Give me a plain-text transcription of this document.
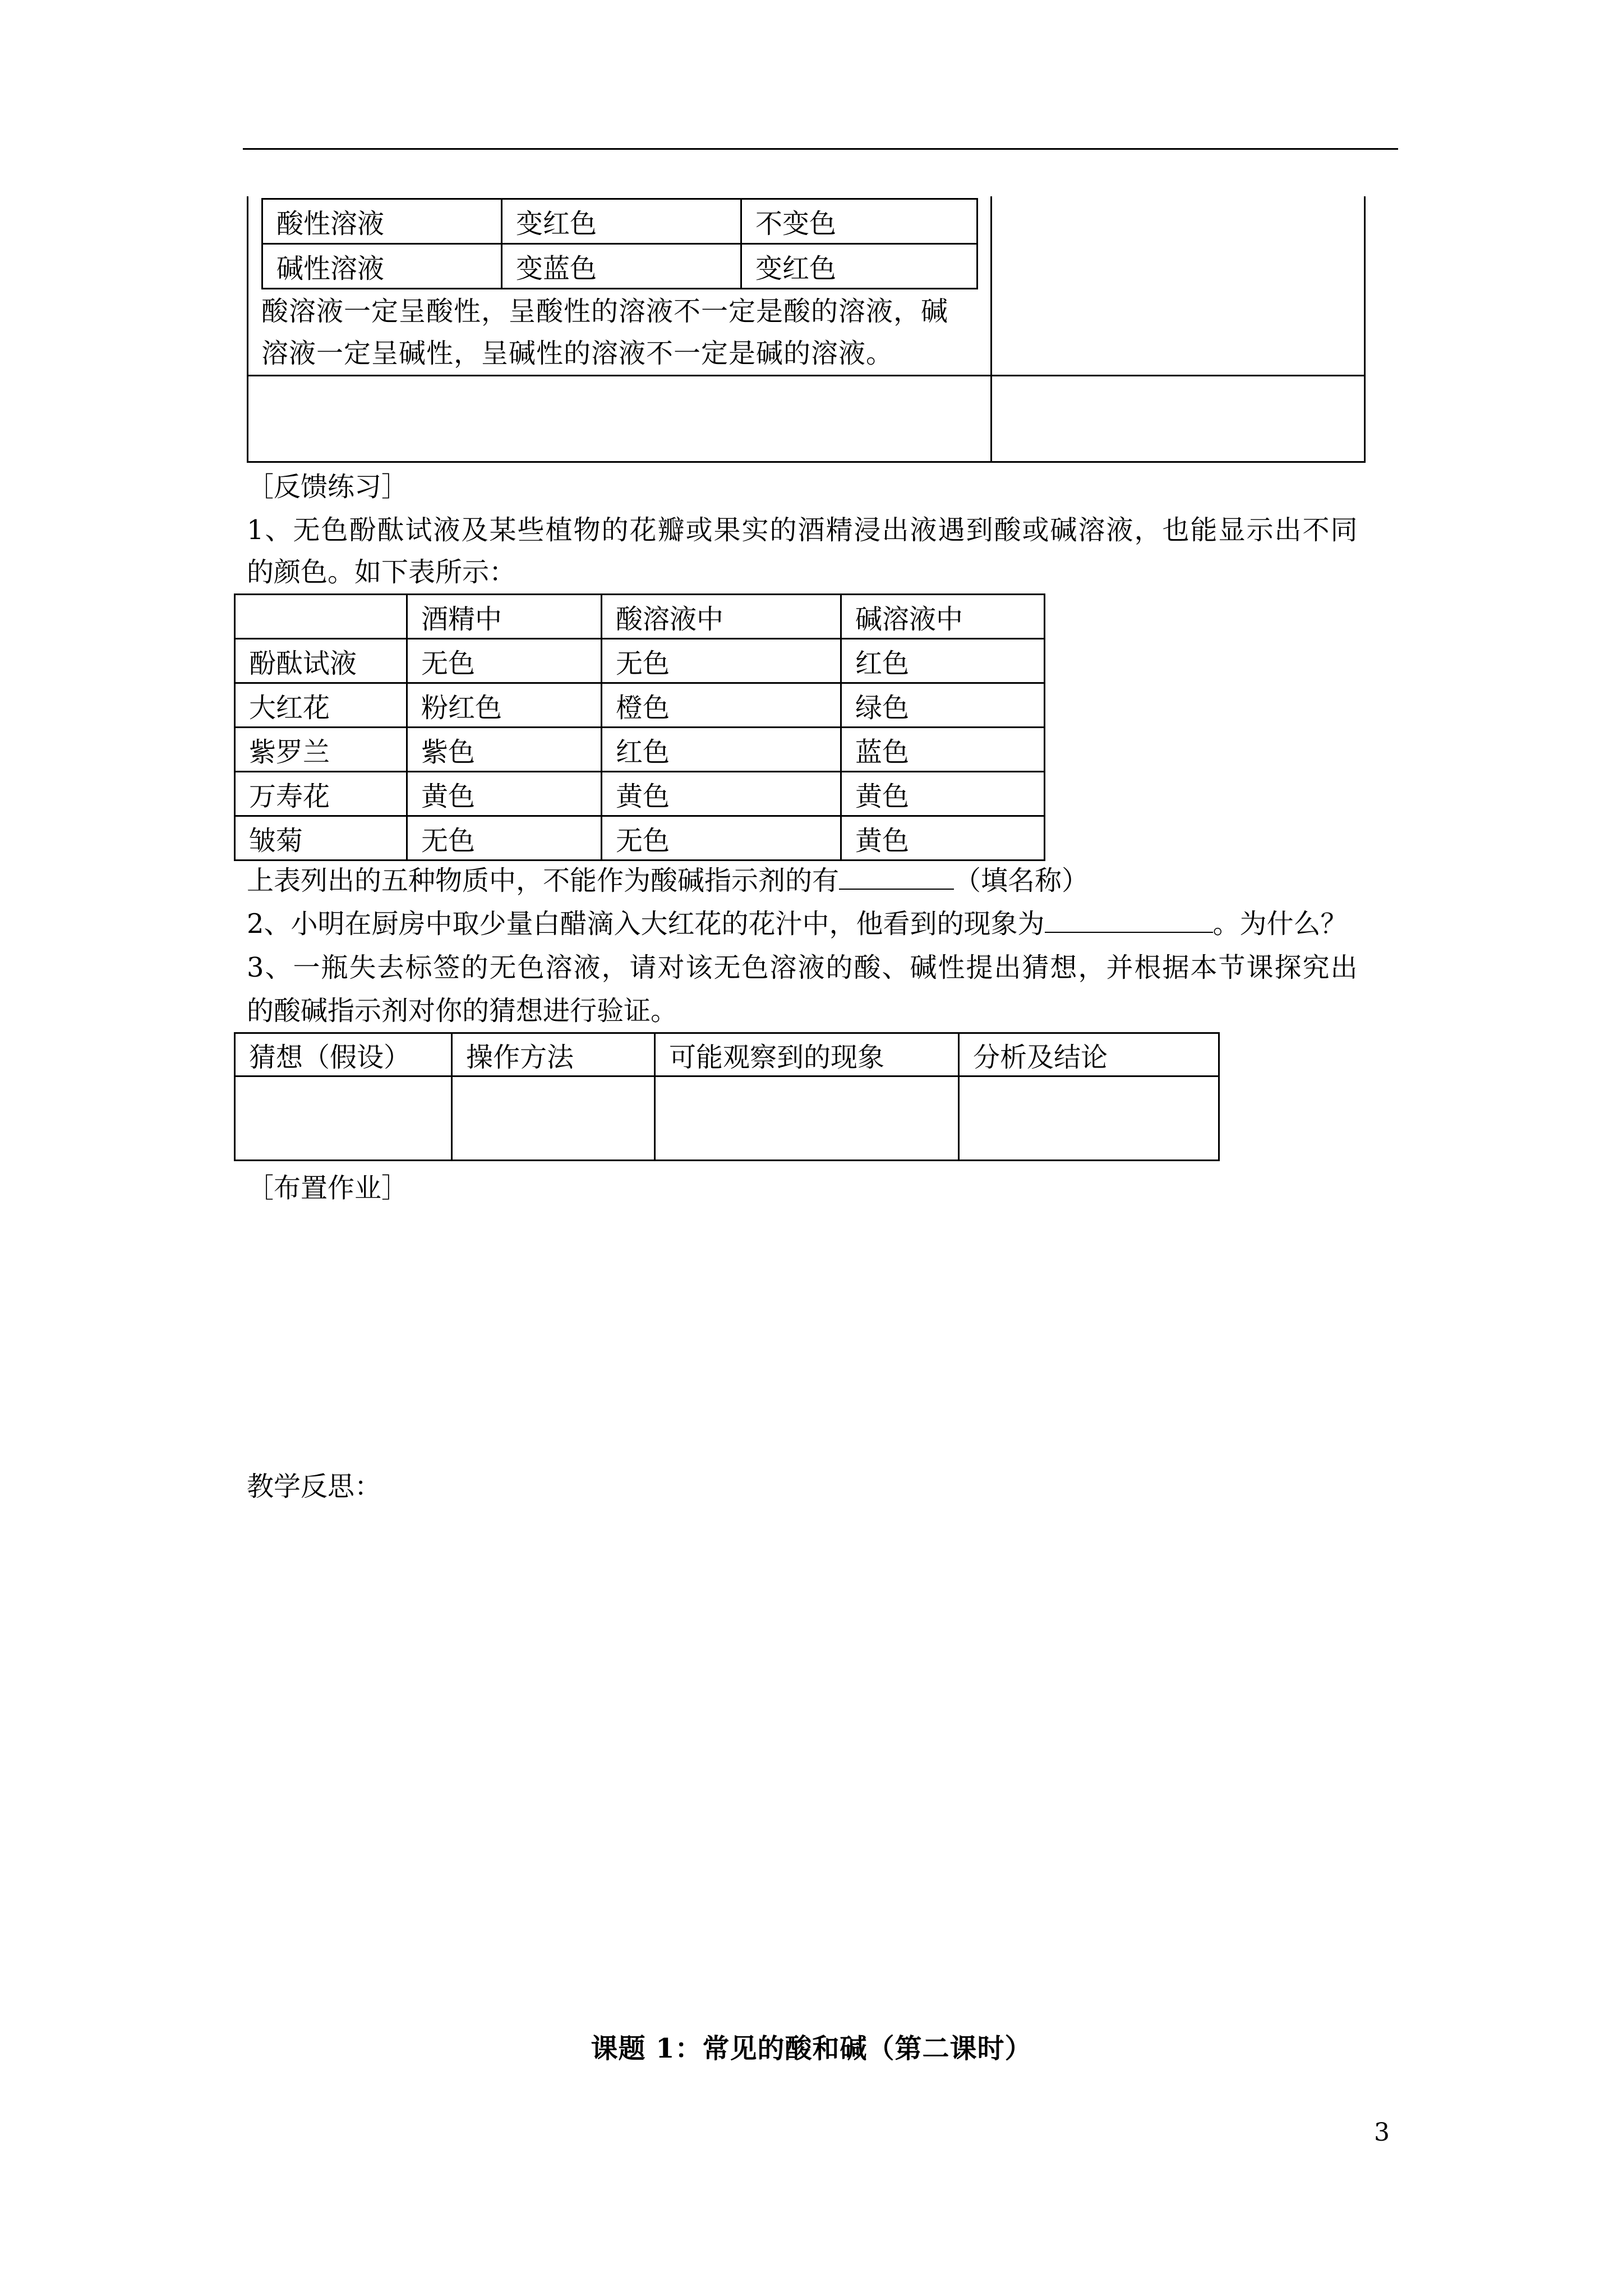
酸性溶液	变红色	不变色
碱性溶液	变蓝色	变红色
酸溶液一定呈酸性，呈酸性的溶液不一定是酸的溶液，碱
溶液一定呈碱性，呈碱性的溶液不一定是碱的溶液。
［反馈练习］
1、无色酚酞试液及某些植物的花瓣或果实的酒精浸出液遇到酸或碱溶液，也能显示出不同
的颜色。如下表所示：
	酒精中	酸溶液中	碱溶液中
酚酞试液	无色	无色	红色
大红花	粉红色	橙色	绿色
紫罗兰	紫色	红色	蓝色
万寿花	黄色	黄色	黄色
皱菊	无色	无色	黄色
上表列出的五种物质中，不能作为酸碱指示剂的有	（填名称）
2、小明在厨房中取少量白醋滴入大红花的花汁中，他看到的现象为	。为什么？
3、一瓶失去标签的无色溶液，请对该无色溶液的酸、碱性提出猜想，并根据本节课探究出
的酸碱指示剂对你的猜想进行验证。
猜想（假设）	操作方法	可能观察到的现象	分析及结论

［布置作业］
教学反思：
课题 1：常见的酸和碱（第二课时）
3
